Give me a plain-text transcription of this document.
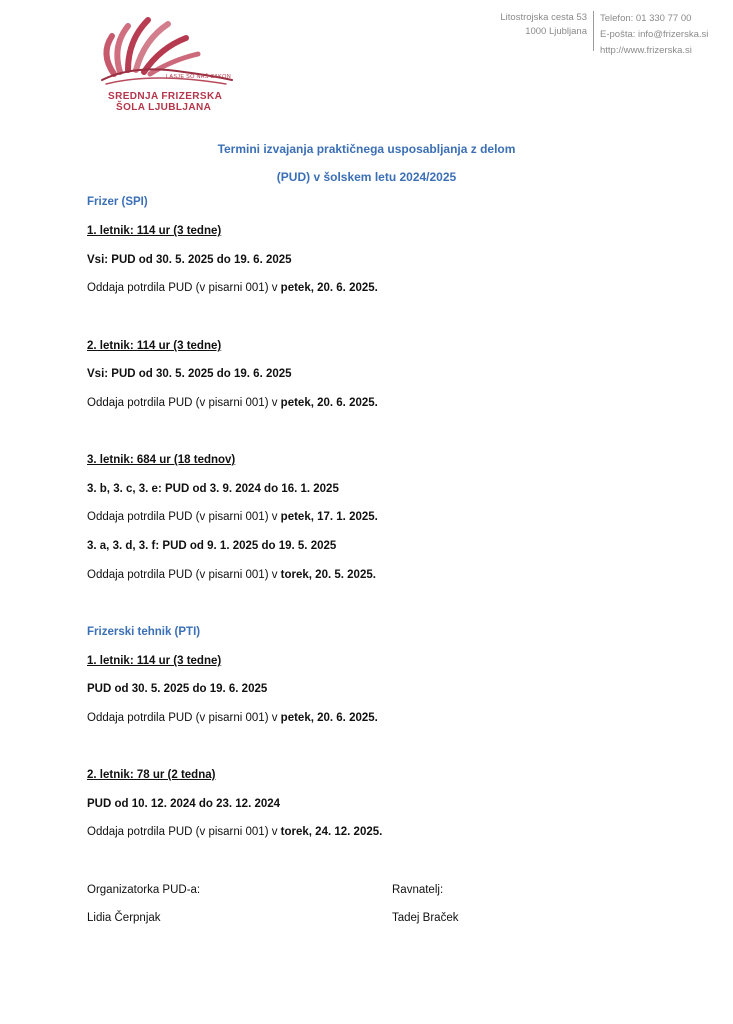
LASJE SO NAŠ ZAKON
SREDNJA FRIZERSKA
ŠOLA LJUBLJANA
Litostrojska cesta 53
1000 Ljubljana
Telefon: 01 330 77 00
E-pošta: info@frizerska.si
http://www.frizerska.si
Termini izvajanja praktičnega usposabljanja z delom
(PUD) v šolskem letu 2024/2025
Frizer (SPI)
1. letnik: 114 ur (3 tedne)
Vsi: PUD od 30. 5. 2025 do 19. 6. 2025
Oddaja potrdila PUD (v pisarni 001) v petek, 20. 6. 2025.
2. letnik: 114 ur (3 tedne)
Vsi: PUD od 30. 5. 2025 do 19. 6. 2025
Oddaja potrdila PUD (v pisarni 001) v petek, 20. 6. 2025.
3. letnik: 684 ur (18 tednov)
3. b, 3. c, 3. e: PUD od 3. 9. 2024 do 16. 1. 2025
Oddaja potrdila PUD (v pisarni 001) v petek, 17. 1. 2025.
3. a, 3. d, 3. f: PUD od 9. 1. 2025 do 19. 5. 2025
Oddaja potrdila PUD (v pisarni 001) v torek, 20. 5. 2025.
Frizerski tehnik (PTI)
1. letnik: 114 ur (3 tedne)
PUD od 30. 5. 2025 do 19. 6. 2025
Oddaja potrdila PUD (v pisarni 001) v petek, 20. 6. 2025.
2. letnik: 78 ur (2 tedna)
PUD od 10. 12. 2024 do 23. 12. 2024
Oddaja potrdila PUD (v pisarni 001) v torek, 24. 12. 2025.
Organizatorka PUD-a:
Lidia Čerpnjak
Ravnatelj:
Tadej Braček
